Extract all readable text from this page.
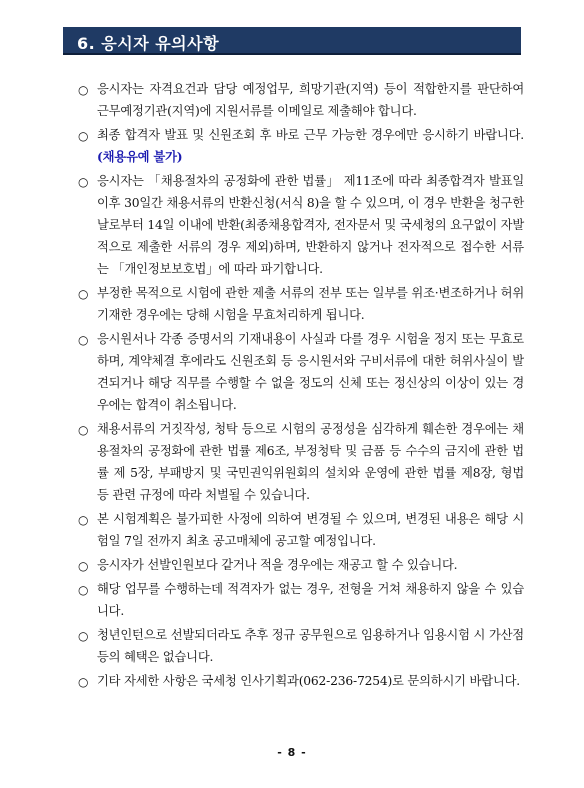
6. 응시자 유의사항
○ 응시자는 자격요건과 담당 예정업무, 희망기관(지역) 등이 적합한지를 판단하여 근무예정기관(지역)에 지원서류를 이메일로 제출해야 합니다.
○ 최종 합격자 발표 및 신원조회 후 바로 근무 가능한 경우에만 응시하기 바랍니다. (채용유예 불가)
○ 응시자는 「채용절차의 공정화에 관한 법률」 제11조에 따라 최종합격자 발표일 이후 30일간 채용서류의 반환신청(서식 8)을 할 수 있으며, 이 경우 반환을 청구한 날로부터 14일 이내에 반환(최종채용합격자, 전자문서 및 국세청의 요구없이 자발적으로 제출한 서류의 경우 제외)하며, 반환하지 않거나 전자적으로 접수한 서류는 「개인정보보호법」에 따라 파기합니다.
○ 부정한 목적으로 시험에 관한 제출 서류의 전부 또는 일부를 위조·변조하거나 허위 기재한 경우에는 당해 시험을 무효처리하게 됩니다.
○ 응시원서나 각종 증명서의 기재내용이 사실과 다를 경우 시험을 정지 또는 무효로 하며, 계약체결 후에라도 신원조회 등 응시원서와 구비서류에 대한 허위사실이 발견되거나 해당 직무를 수행할 수 없을 정도의 신체 또는 정신상의 이상이 있는 경우에는 합격이 취소됩니다.
○ 채용서류의 거짓작성, 청탁 등으로 시험의 공정성을 심각하게 훼손한 경우에는 채용절차의 공정화에 관한 법률 제6조, 부정청탁 및 금품 등 수수의 금지에 관한 법률 제 5장, 부패방지 및 국민권익위원회의 설치와 운영에 관한 법률 제8장, 형법 등 관련 규정에 따라 처벌될 수 있습니다.
○ 본 시험계획은 불가피한 사정에 의하여 변경될 수 있으며, 변경된 내용은 해당 시험일 7일 전까지 최초 공고매체에 공고할 예정입니다.
○ 응시자가 선발인원보다 같거나 적을 경우에는 재공고 할 수 있습니다.
○ 해당 업무를 수행하는데 적격자가 없는 경우, 전형을 거쳐 채용하지 않을 수 있습니다.
○ 청년인턴으로 선발되더라도 추후 정규 공무원으로 임용하거나 임용시험 시 가산점 등의 혜택은 없습니다.
○ 기타 자세한 사항은 국세청 인사기획과(062-236-7254)로 문의하시기 바랍니다.
- 8 -
